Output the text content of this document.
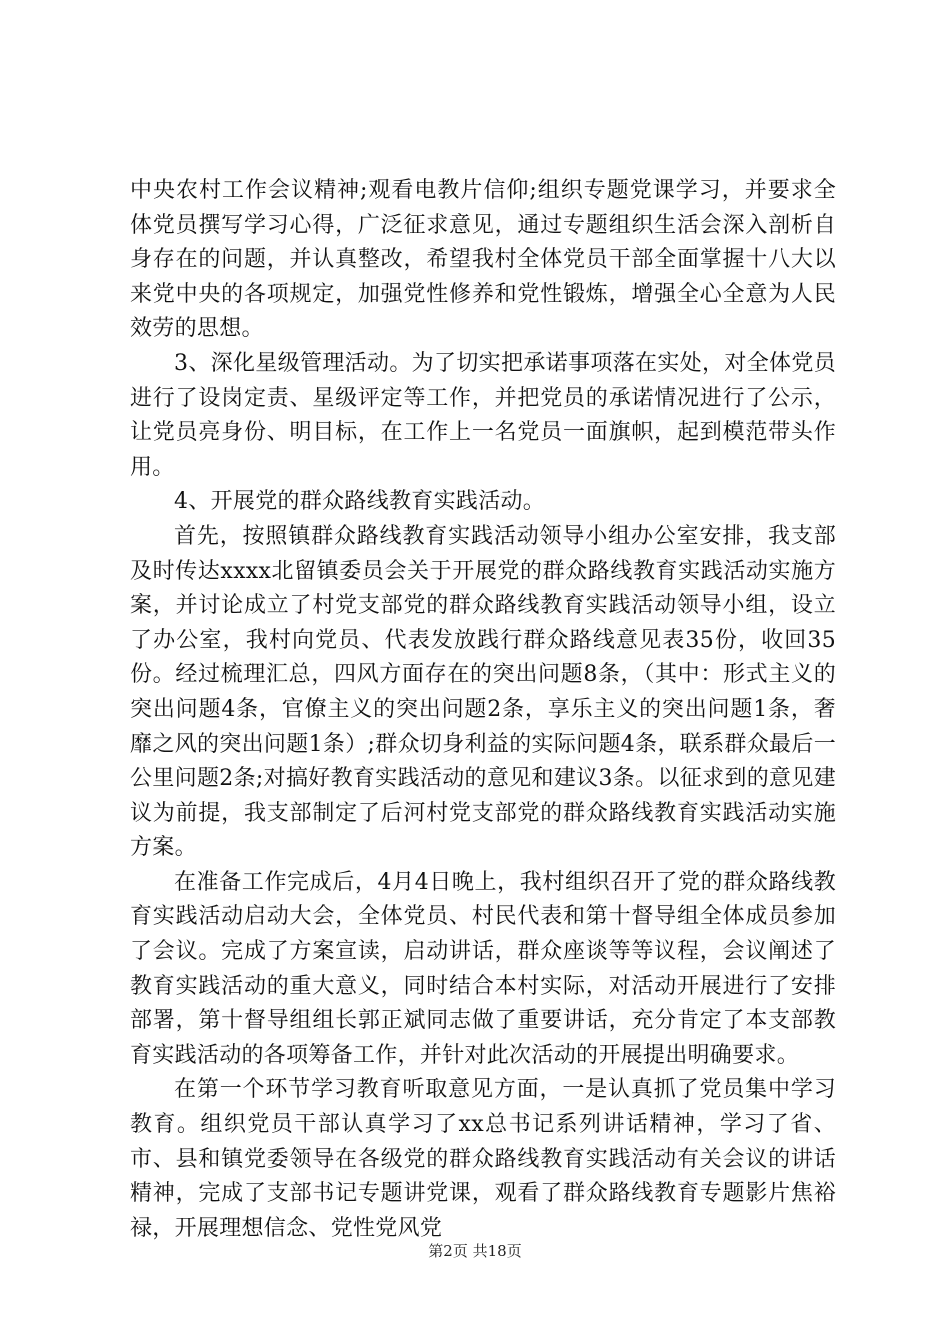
中央农村工作会议精神;观看电教片信仰;组织专题党课学习，并要求全体党员撰写学习心得，广泛征求意见，通过专题组织生活会深入剖析自身存在的问题，并认真整改，希望我村全体党员干部全面掌握十八大以来党中央的各项规定，加强党性修养和党性锻炼，增强全心全意为人民效劳的思想。

3、深化星级管理活动。为了切实把承诺事项落在实处，对全体党员进行了设岗定责、星级评定等工作，并把党员的承诺情况进行了公示，让党员亮身份、明目标，在工作上一名党员一面旗帜，起到模范带头作用。

4、开展党的群众路线教育实践活动。

首先，按照镇群众路线教育实践活动领导小组办公室安排，我支部及时传达xxxx北留镇委员会关于开展党的群众路线教育实践活动实施方案，并讨论成立了村党支部党的群众路线教育实践活动领导小组，设立了办公室，我村向党员、代表发放践行群众路线意见表35份，收回35份。经过梳理汇总，四风方面存在的突出问题8条，（其中：形式主义的突出问题4条，官僚主义的突出问题2条，享乐主义的突出问题1条，奢靡之风的突出问题1条）;群众切身利益的实际问题4条，联系群众最后一公里问题2条;对搞好教育实践活动的意见和建议3条。以征求到的意见建议为前提，我支部制定了后河村党支部党的群众路线教育实践活动实施方案。

在准备工作完成后，4月4日晚上，我村组织召开了党的群众路线教育实践活动启动大会，全体党员、村民代表和第十督导组全体成员参加了会议。完成了方案宣读，启动讲话，群众座谈等等议程，会议阐述了教育实践活动的重大意义，同时结合本村实际，对活动开展进行了安排部署，第十督导组组长郭正斌同志做了重要讲话，充分肯定了本支部教育实践活动的各项筹备工作，并针对此次活动的开展提出明确要求。

在第一个环节学习教育听取意见方面，一是认真抓了党员集中学习教育。组织党员干部认真学习了xx总书记系列讲话精神，学习了省、市、县和镇党委领导在各级党的群众路线教育实践活动有关会议的讲话精神，完成了支部书记专题讲党课，观看了群众路线教育专题影片焦裕禄，开展理想信念、党性党风党

第2页 共18页
